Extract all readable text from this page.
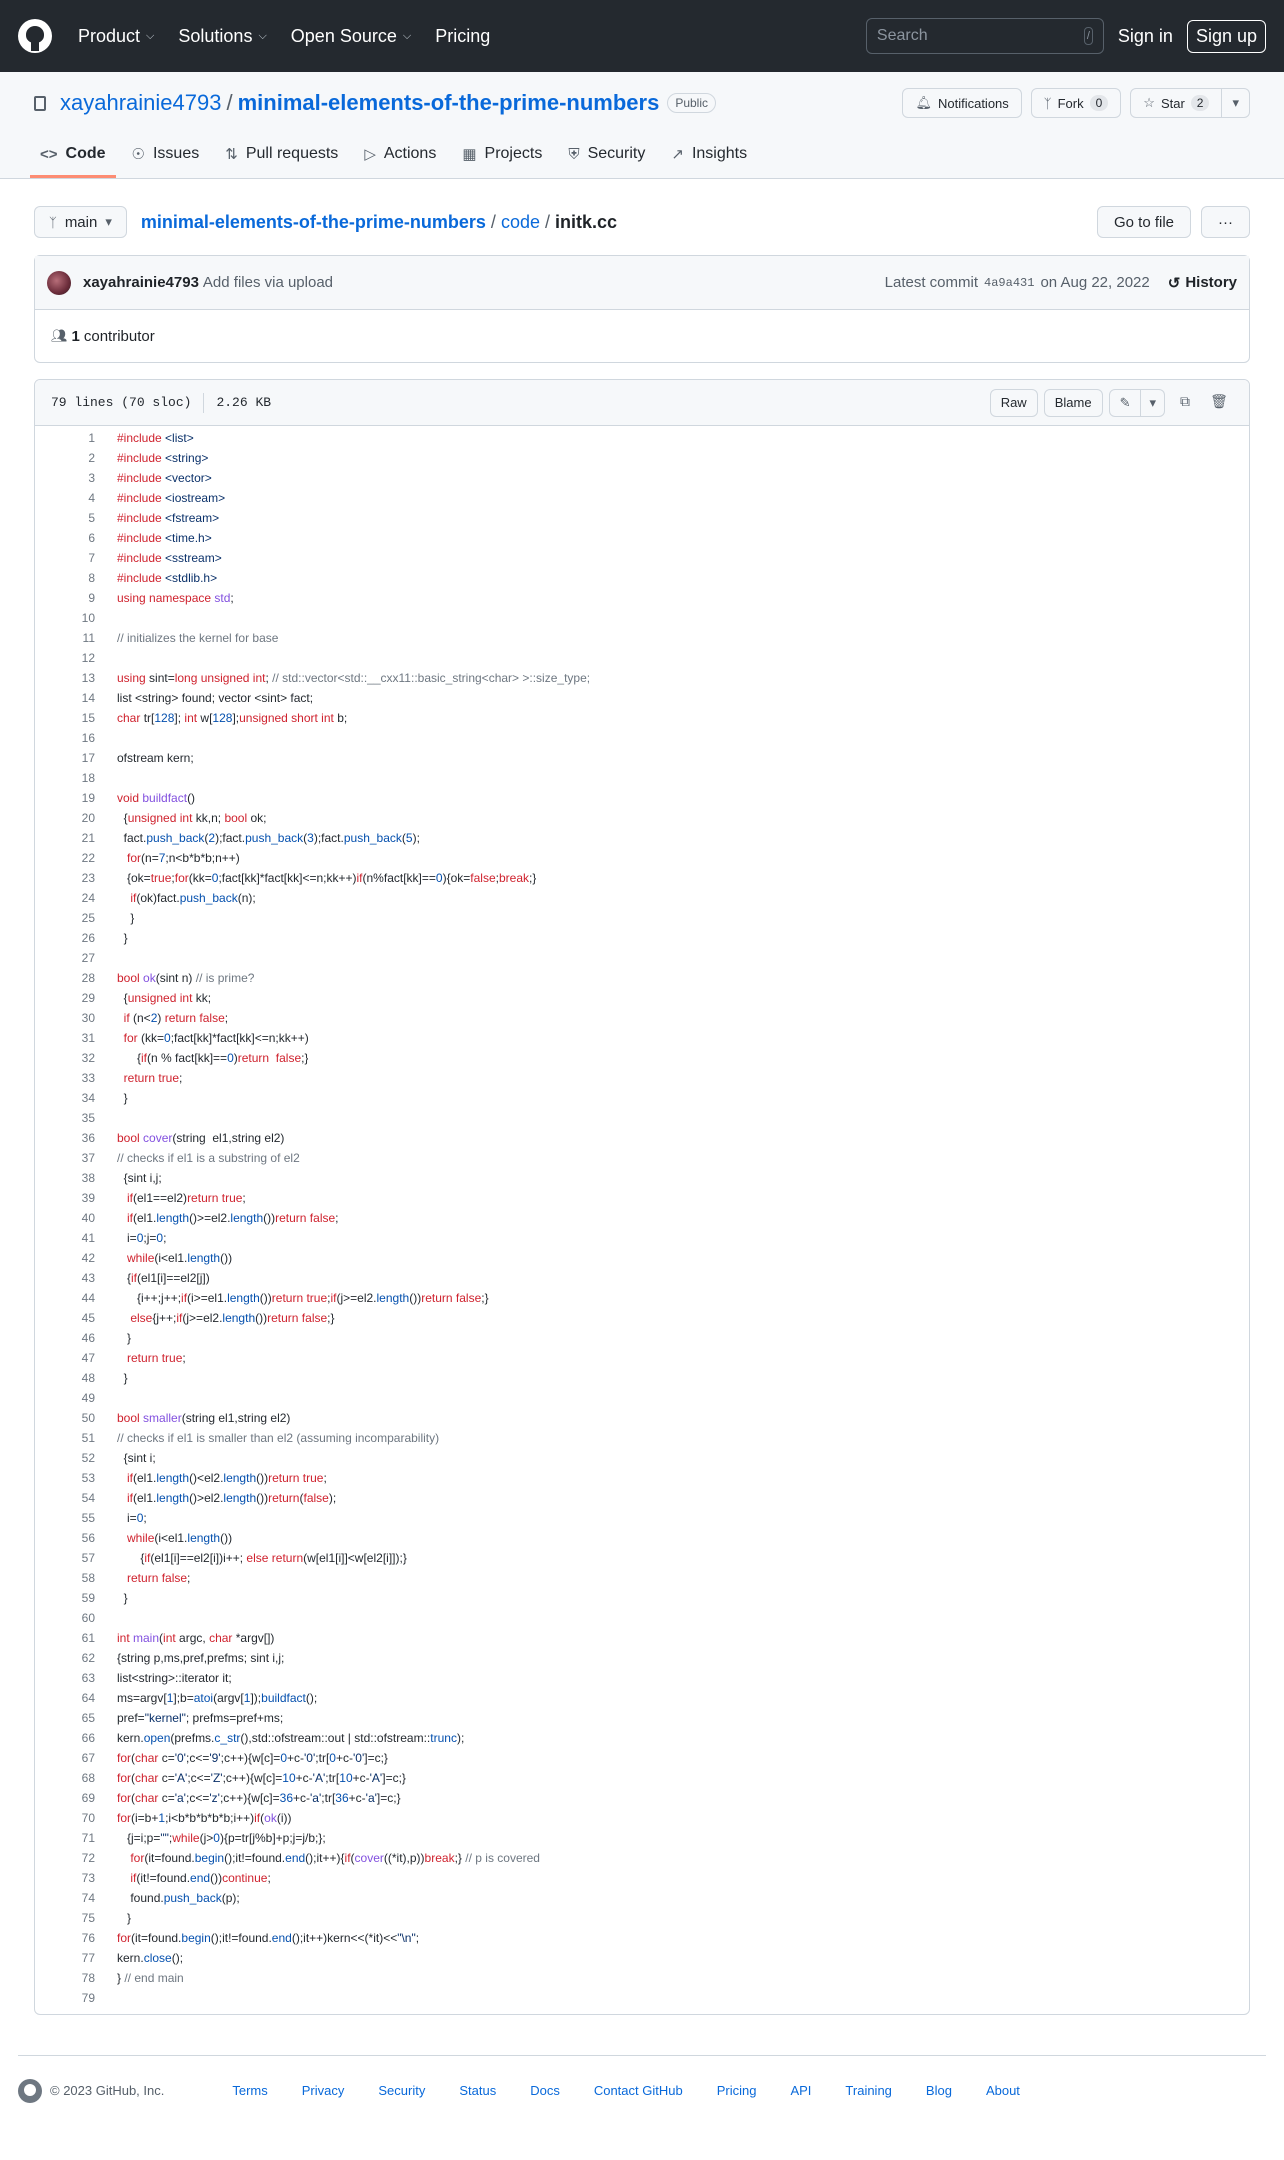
Product ⌵ Solutions ⌵ Open Source ⌵ Pricing
Search	/ Sign in	Sign up
xayahrainie4793 / minimal-elements-of-the-prime-numbers	Public	🔔︎ Notifications	ᛉ Fork	0	☆ Star	2	▾
<> Code ☉ Issues ⇅ Pull requests ▷ Actions ▦ Projects ⛨ Security ↗ Insights
ᛉ main ▾ minimal-elements-of-the-prime-numbers / code / initk.cc	Go to file	···
xayahrainie4793 Add files via upload	Latest commit 4a9a431 on Aug 22, 2022 ↺ History
👥︎ 1 contributor
79 lines (70 sloc) 2.26 KB	Raw	Blame	✎ ▾	⧉	🗑︎
1	#include <list>
2	#include <string>
3	#include <vector>
4	#include <iostream>
5	#include <fstream>
6	#include <time.h>
7	#include <sstream>
8	#include <stdlib.h>
9	using namespace std;
10
11	// initializes the kernel for base
12
13	using sint=long unsigned int; // std::vector<std::__cxx11::basic_string<char> >::size_type;
14	list <string> found; vector <sint> fact;
15	char tr[128]; int w[128];unsigned short int b;
16
17	ofstream kern;
18
19	void buildfact()
20	{unsigned int kk,n; bool ok;
21	fact.push_back(2);fact.push_back(3);fact.push_back(5);
22	for(n=7;n<b*b*b;n++)
23	{ok=true;for(kk=0;fact[kk]*fact[kk]<=n;kk++)if(n%fact[kk]==0){ok=false;break;}
24	if(ok)fact.push_back(n);
25	}
26	}
27
28	bool ok(sint n) // is prime?
29	{unsigned int kk;
30	if (n<2) return false;
31	for (kk=0;fact[kk]*fact[kk]<=n;kk++)
32	{if(n % fact[kk]==0)return  false;}
33	return true;
34	}
35
36	bool cover(string  el1,string el2)
37	// checks if el1 is a substring of el2
38	{sint i,j;
39	if(el1==el2)return true;
40	if(el1.length()>=el2.length())return false;
41	i=0;j=0;
42	while(i<el1.length())
43	{if(el1[i]==el2[j])
44	{i++;j++;if(i>=el1.length())return true;if(j>=el2.length())return false;}
45	else{j++;if(j>=el2.length())return false;}
46	}
47	return true;
48	}
49
50	bool smaller(string el1,string el2)
51	// checks if el1 is smaller than el2 (assuming incomparability)
52	{sint i;
53	if(el1.length()<el2.length())return true;
54	if(el1.length()>el2.length())return(false);
55	i=0;
56	while(i<el1.length())
57	{if(el1[i]==el2[i])i++; else return(w[el1[i]]<w[el2[i]]);}
58	return false;
59	}
60
61	int main(int argc, char *argv[])
62	{string p,ms,pref,prefms; sint i,j;
63	list<string>::iterator it;
64	ms=argv[1];b=atoi(argv[1]);buildfact();
65	pref="kernel"; prefms=pref+ms;
66	kern.open(prefms.c_str(),std::ofstream::out | std::ofstream::trunc);
67	for(char c='0';c<='9';c++){w[c]=0+c-'0';tr[0+c-'0']=c;}
68	for(char c='A';c<='Z';c++){w[c]=10+c-'A';tr[10+c-'A']=c;}
69	for(char c='a';c<='z';c++){w[c]=36+c-'a';tr[36+c-'a']=c;}
70	for(i=b+1;i<b*b*b*b*b;i++)if(ok(i))
71	{j=i;p="";while(j>0){p=tr[j%b]+p;j=j/b;};
72	for(it=found.begin();it!=found.end();it++){if(cover((*it),p))break;} // p is covered
73	if(it!=found.end())continue;
74	found.push_back(p);
75	}
76	for(it=found.begin();it!=found.end();it++)kern<<(*it)<<"\n";
77	kern.close();
78	} // end main
79
© 2023 GitHub, Inc.	Terms	Privacy	Security	Status	Docs	Contact GitHub	Pricing	API	Training	Blog	About
